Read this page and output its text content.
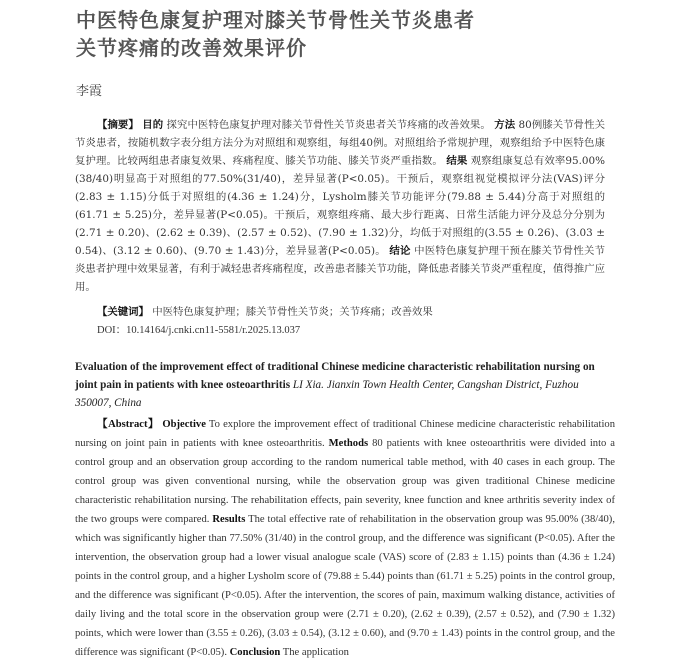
中医特色康复护理对膝关节骨性关节炎患者
关节疼痛的改善效果评价
李霞

【摘要】 目的 探究中医特色康复护理对膝关节骨性关节炎患者关节疼痛的改善效果。 方法 80例膝关节骨性关节炎患者，按随机数字表分组方法分为对照组和观察组，每组40例。对照组给予常规护理，观察组给予中医特色康复护理。比较两组患者康复效果、疼痛程度、膝关节功能、膝关节炎严重指数。 结果 观察组康复总有效率95.00%(38/40)明显高于对照组的77.50%(31/40)，差异显著(P<0.05)。干预后，观察组视觉模拟评分法(VAS)评分(2.83 ± 1.15)分低于对照组的(4.36 ± 1.24)分，Lysholm膝关节功能评分(79.88 ± 5.44)分高于对照组的(61.71 ± 5.25)分，差异显著(P<0.05)。干预后，观察组疼痛、最大步行距离、日常生活能力评分及总分分别为(2.71 ± 0.20)、(2.62 ± 0.39)、(2.57 ± 0.52)、(7.90 ± 1.32)分，均低于对照组的(3.55 ± 0.26)、(3.03 ± 0.54)、(3.12 ± 0.60)、(9.70 ± 1.43)分，差异显著(P<0.05)。 结论 中医特色康复护理干预在膝关节骨性关节炎患者护理中效果显著，有利于减轻患者疼痛程度，改善患者膝关节功能，降低患者膝关节炎严重程度，值得推广应用。

【关键词】 中医特色康复护理；膝关节骨性关节炎；关节疼痛；改善效果
DOI：10.14164/j.cnki.cn11-5581/r.2025.13.037
Evaluation of the improvement effect of traditional Chinese medicine characteristic rehabilitation nursing on joint pain in patients with knee osteoarthritis LI Xia. Jianxin Town Health Center, Cangshan District, Fuzhou 350007, China

【Abstract】 Objective To explore the improvement effect of traditional Chinese medicine characteristic rehabilitation nursing on joint pain in patients with knee osteoarthritis. Methods 80 patients with knee osteoarthritis were divided into a control group and an observation group according to the random numerical table method, with 40 cases in each group. The control group was given conventional nursing, while the observation group was given traditional Chinese medicine characteristic rehabilitation nursing. The rehabilitation effects, pain severity, knee function and knee arthritis severity index of the two groups were compared. Results The total effective rate of rehabilitation in the observation group was 95.00% (38/40), which was significantly higher than 77.50% (31/40) in the control group, and the difference was significant (P<0.05). After the intervention, the observation group had a lower visual analogue scale (VAS) score of (2.83 ± 1.15) points than (4.36 ± 1.24) points in the control group, and a higher Lysholm score of (79.88 ± 5.44) points than (61.71 ± 5.25) points in the control group, and the difference was significant (P<0.05). After the intervention, the scores of pain, maximum walking distance, activities of daily living and the total score in the observation group were (2.71 ± 0.20), (2.62 ± 0.39), (2.57 ± 0.52), and (7.90 ± 1.32) points, which were lower than (3.55 ± 0.26), (3.03 ± 0.54), (3.12 ± 0.60), and (9.70 ± 1.43) points in the control group, and the difference was significant (P<0.05). Conclusion The application
